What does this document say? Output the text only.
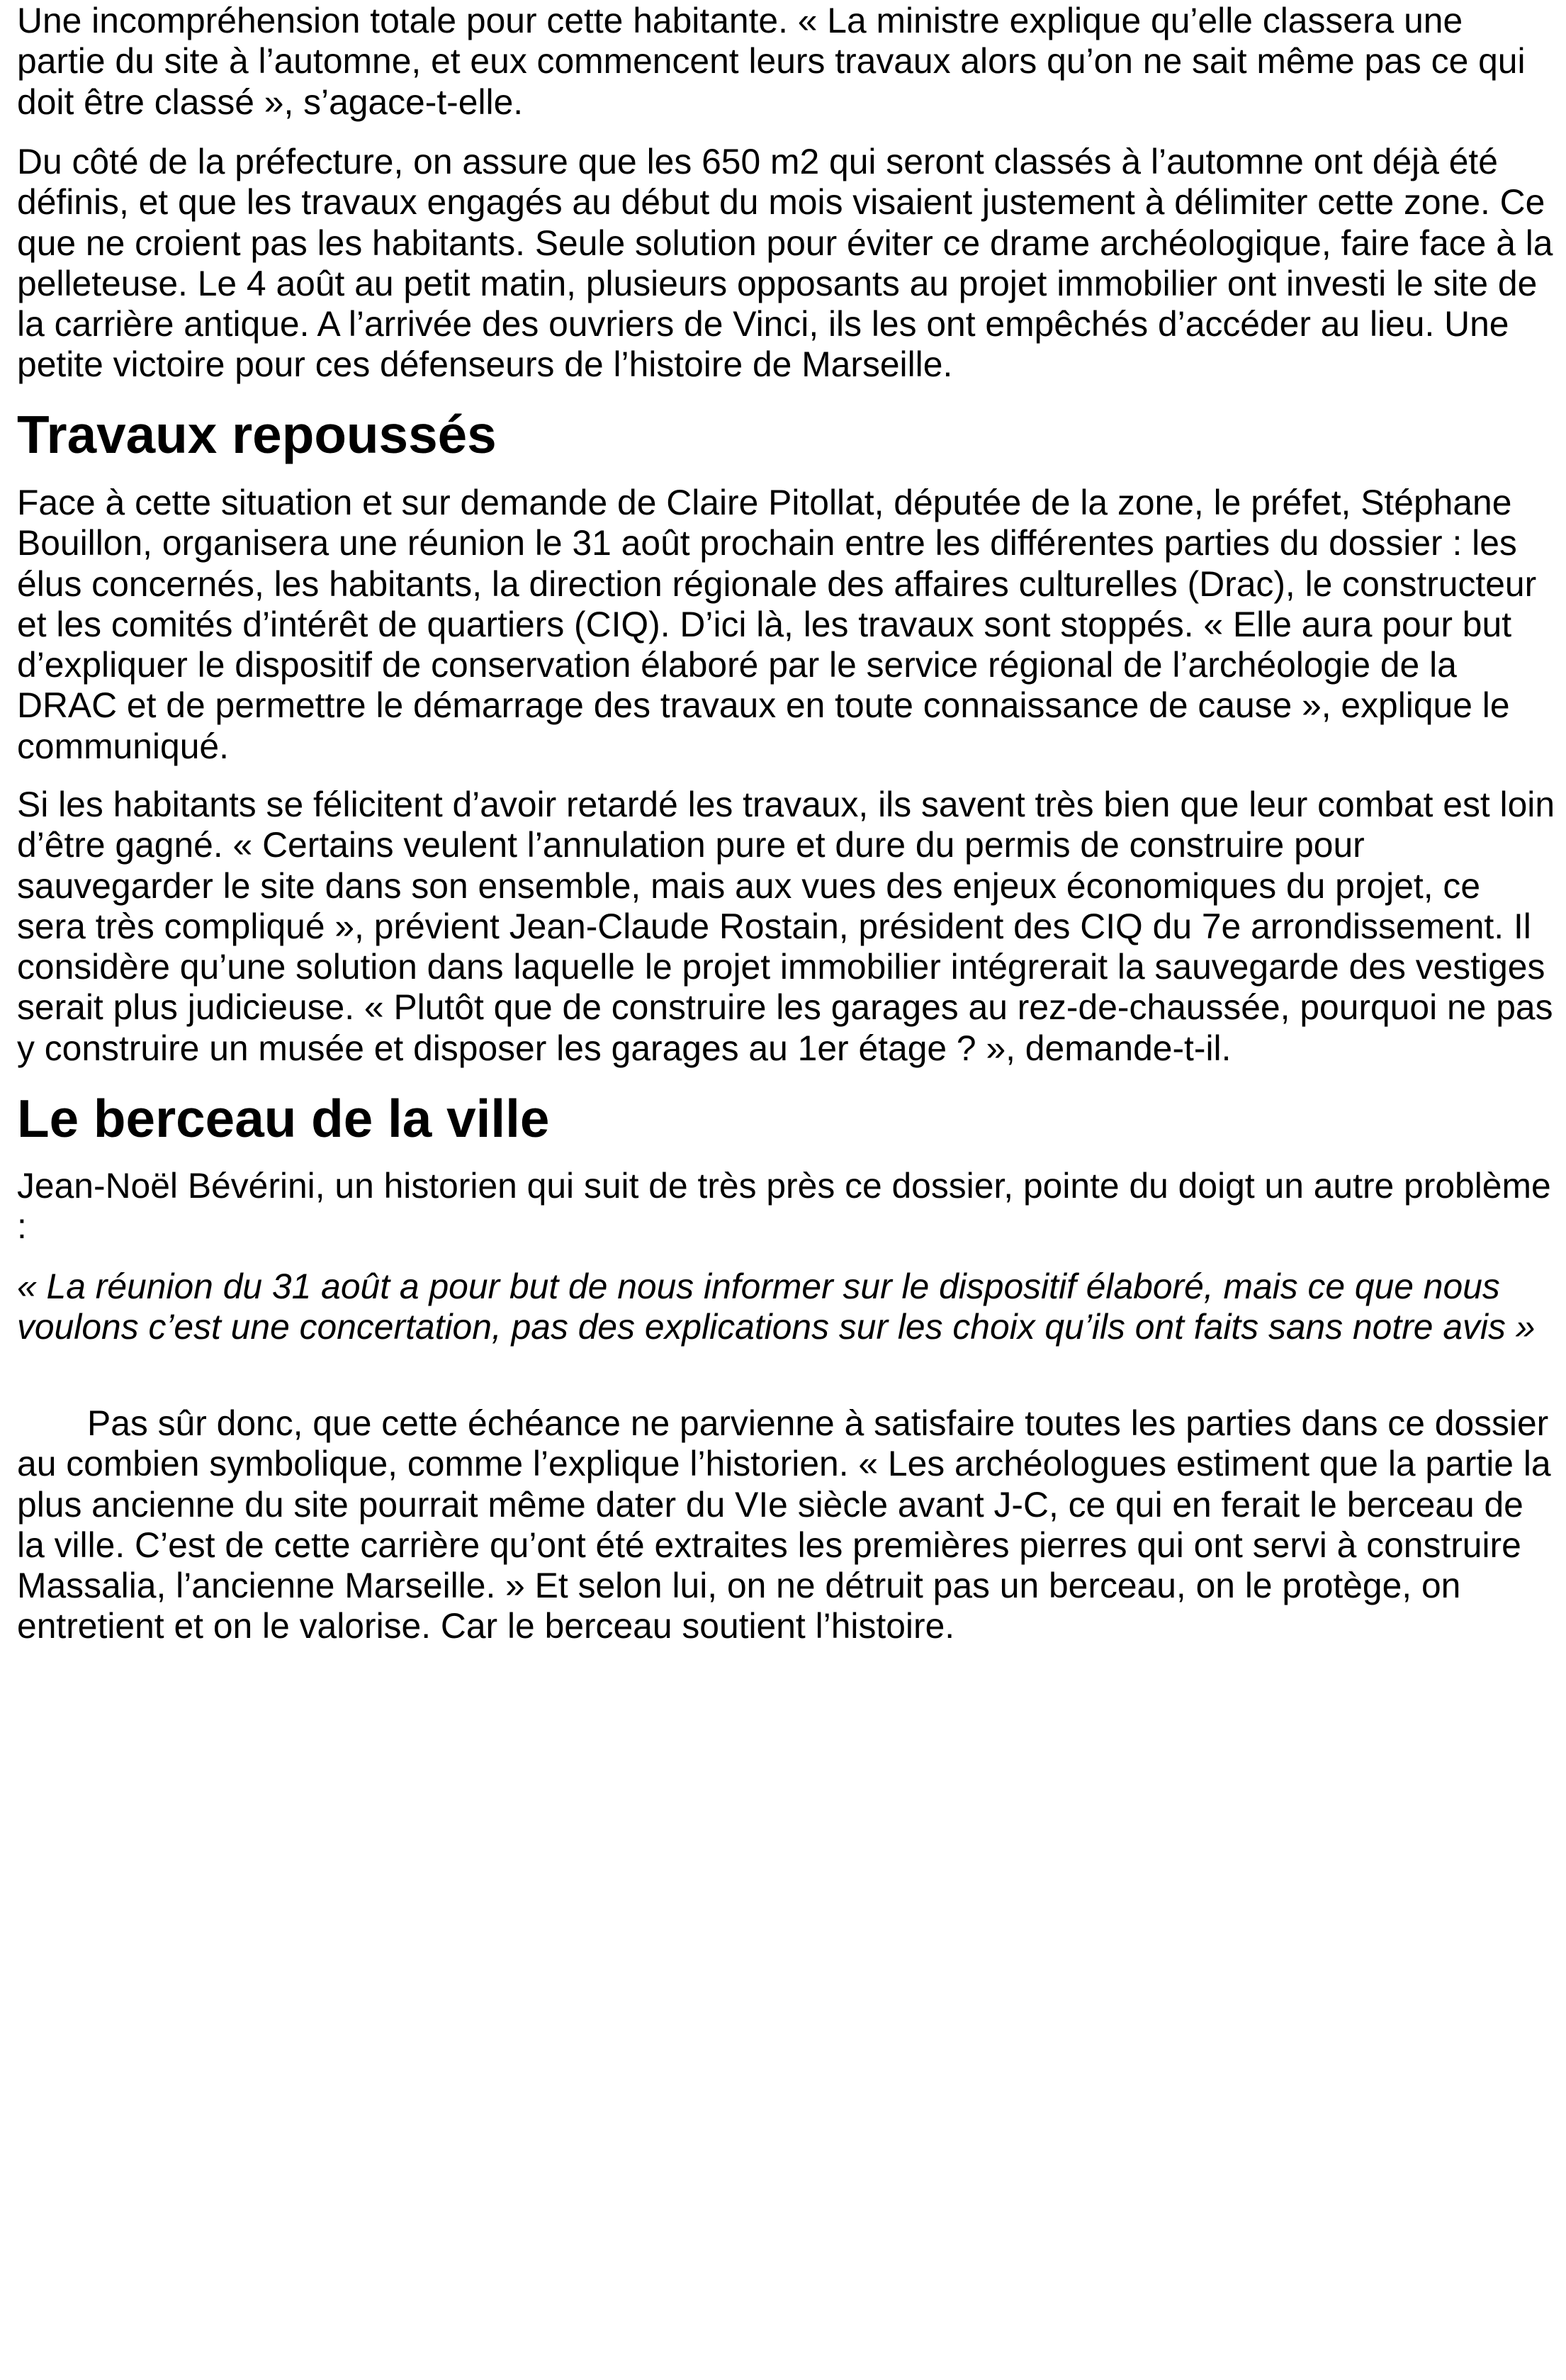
Une incompréhension totale pour cette habitante. « La ministre explique qu’elle classera une
partie du site à l’automne, et eux commencent leurs travaux alors qu’on ne sait même pas ce qui
doit être classé », s’agace-t-elle.
Du côté de la préfecture, on assure que les 650 m2 qui seront classés à l’automne ont déjà été
définis, et que les travaux engagés au début du mois visaient justement à délimiter cette zone. Ce
que ne croient pas les habitants. Seule solution pour éviter ce drame archéologique, faire face à la
pelleteuse. Le 4 août au petit matin, plusieurs opposants au projet immobilier ont investi le site de
la carrière antique. A l’arrivée des ouvriers de Vinci, ils les ont empêchés d’accéder au lieu. Une
petite victoire pour ces défenseurs de l’histoire de Marseille.
Travaux repoussés
Face à cette situation et sur demande de Claire Pitollat, députée de la zone, le préfet, Stéphane
Bouillon, organisera une réunion le 31 août prochain entre les différentes parties du dossier : les
élus concernés, les habitants, la direction régionale des affaires culturelles (Drac), le constructeur
et les comités d’intérêt de quartiers (CIQ). D’ici là, les travaux sont stoppés. « Elle aura pour but
d’expliquer le dispositif de conservation élaboré par le service régional de l’archéologie de la
DRAC et de permettre le démarrage des travaux en toute connaissance de cause », explique le
communiqué.
Si les habitants se félicitent d’avoir retardé les travaux, ils savent très bien que leur combat est loin
d’être gagné. « Certains veulent l’annulation pure et dure du permis de construire pour
sauvegarder le site dans son ensemble, mais aux vues des enjeux économiques du projet, ce
sera très compliqué », prévient Jean-Claude Rostain, président des CIQ du 7e arrondissement. Il
considère qu’une solution dans laquelle le projet immobilier intégrerait la sauvegarde des vestiges
serait plus judicieuse. « Plutôt que de construire les garages au rez-de-chaussée, pourquoi ne pas
y construire un musée et disposer les garages au 1er étage ? », demande-t-il.
Le berceau de la ville
Jean-Noël Bévérini, un historien qui suit de très près ce dossier, pointe du doigt un autre problème
:
« La réunion du 31 août a pour but de nous informer sur le dispositif élaboré, mais ce que nous
voulons c’est une concertation, pas des explications sur les choix qu’ils ont faits sans notre avis »
Pas sûr donc, que cette échéance ne parvienne à satisfaire toutes les parties dans ce dossier
au combien symbolique, comme l’explique l’historien. « Les archéologues estiment que la partie la
plus ancienne du site pourrait même dater du VIe siècle avant J-C, ce qui en ferait le berceau de
la ville. C’est de cette carrière qu’ont été extraites les premières pierres qui ont servi à construire
Massalia, l’ancienne Marseille. » Et selon lui, on ne détruit pas un berceau, on le protège, on
entretient et on le valorise. Car le berceau soutient l’histoire.
